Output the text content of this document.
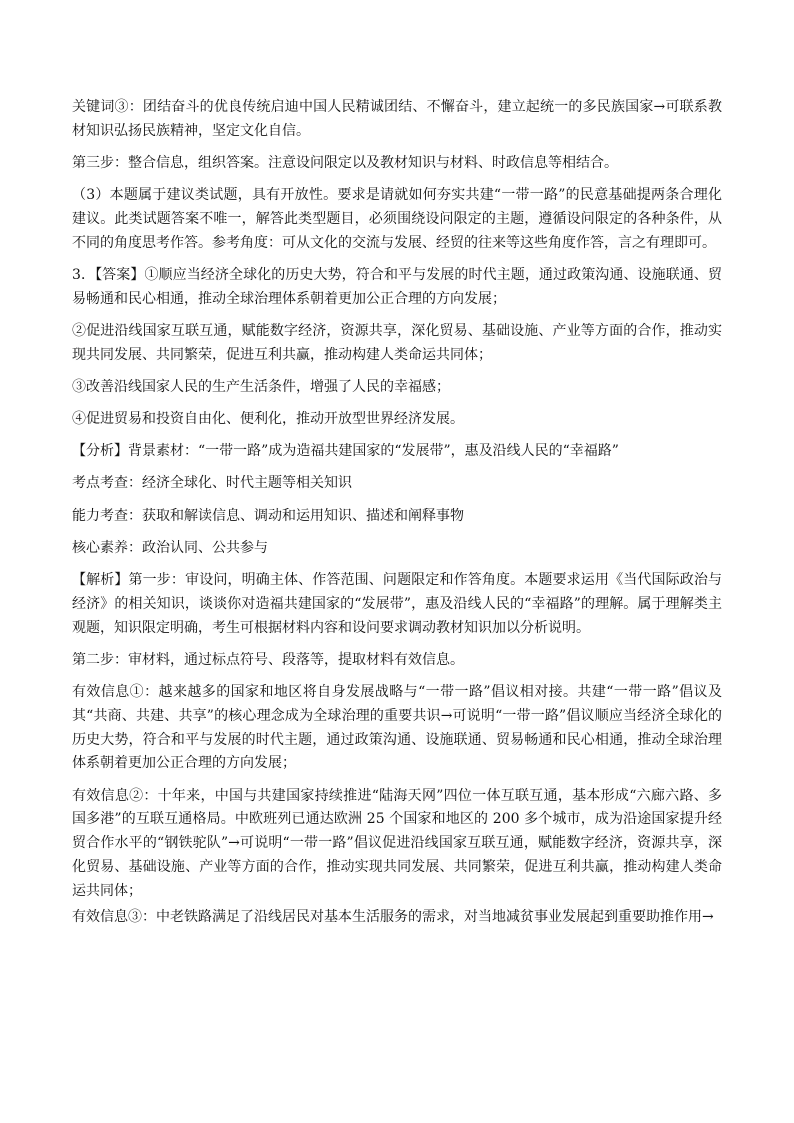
关键词③：团结奋斗的优良传统启迪中国人民精诚团结、不懈奋斗，建立起统一的多民族国家→可联系教材知识弘扬民族精神，坚定文化自信。

第三步：整合信息，组织答案。注意设问限定以及教材知识与材料、时政信息等相结合。

（3）本题属于建议类试题，具有开放性。要求是请就如何夯实共建“一带一路”的民意基础提两条合理化建议。此类试题答案不唯一，解答此类型题目，必须围绕设问限定的主题，遵循设问限定的各种条件，从不同的角度思考作答。参考角度：可从文化的交流与发展、经贸的往来等这些角度作答，言之有理即可。

3．【答案】①顺应当经济全球化的历史大势，符合和平与发展的时代主题，通过政策沟通、设施联通、贸易畅通和民心相通，推动全球治理体系朝着更加公正合理的方向发展；

②促进沿线国家互联互通，赋能数字经济，资源共享，深化贸易、基础设施、产业等方面的合作，推动实现共同发展、共同繁荣，促进互利共赢，推动构建人类命运共同体；

③改善沿线国家人民的生产生活条件，增强了人民的幸福感；

④促进贸易和投资自由化、便利化，推动开放型世界经济发展。

【分析】背景素材：“一带一路”成为造福共建国家的“发展带”，惠及沿线人民的“幸福路”

考点考查：经济全球化、时代主题等相关知识

能力考查：获取和解读信息、调动和运用知识、描述和阐释事物

核心素养：政治认同、公共参与

【解析】第一步：审设问，明确主体、作答范围、问题限定和作答角度。本题要求运用《当代国际政治与经济》的相关知识，谈谈你对造福共建国家的“发展带”，惠及沿线人民的“幸福路”的理解。属于理解类主观题，知识限定明确，考生可根据材料内容和设问要求调动教材知识加以分析说明。

第二步：审材料，通过标点符号、段落等，提取材料有效信息。

有效信息①：越来越多的国家和地区将自身发展战略与“一带一路”倡议相对接。共建“一带一路”倡议及其“共商、共建、共享”的核心理念成为全球治理的重要共识→可说明“一带一路”倡议顺应当经济全球化的历史大势，符合和平与发展的时代主题，通过政策沟通、设施联通、贸易畅通和民心相通，推动全球治理体系朝着更加公正合理的方向发展；

有效信息②：十年来，中国与共建国家持续推进“陆海天网”四位一体互联互通，基本形成“六廊六路、多国多港”的互联互通格局。中欧班列已通达欧洲 25 个国家和地区的 200 多个城市，成为沿途国家提升经贸合作水平的“钢铁驼队”→可说明“一带一路”倡议促进沿线国家互联互通，赋能数字经济，资源共享，深化贸易、基础设施、产业等方面的合作，推动实现共同发展、共同繁荣，促进互利共赢，推动构建人类命运共同体；

有效信息③：中老铁路满足了沿线居民对基本生活服务的需求，对当地减贫事业发展起到重要助推作用→
